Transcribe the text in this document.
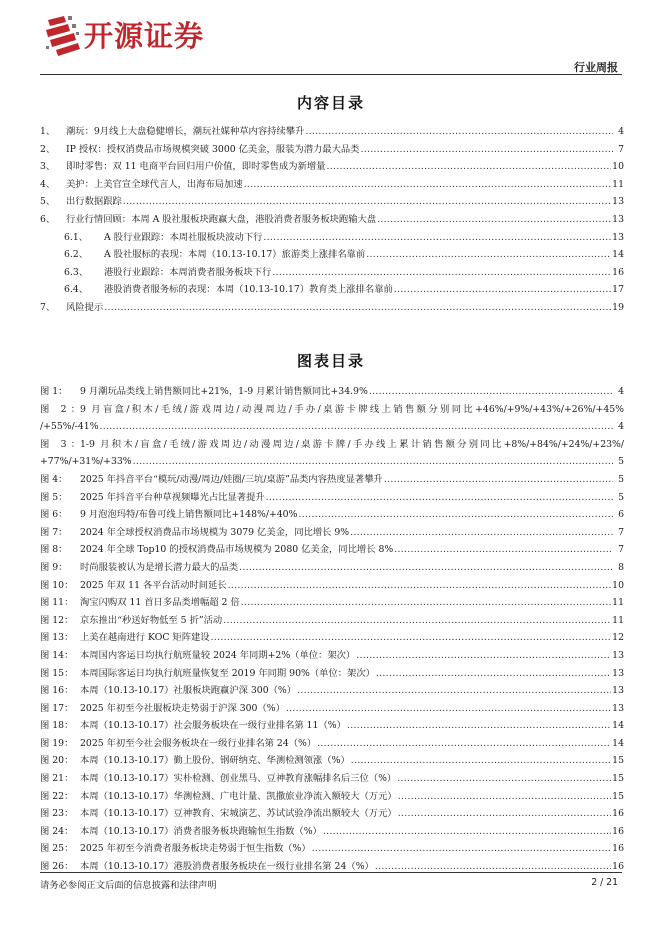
开源证券
行业周报
内容目录
1、	潮玩：9月线上大盘稳健增长，潮玩社媒种草内容持续攀升 .....	4
2、	IP 授权：授权消费品市场规模突破 3000 亿美金，服装为潜力最大品类 .....	7
3、	即时零售：双 11 电商平台回归用户价值，即时零售成为新增量 .....	10
4、	美护：上美官宣全球代言人，出海布局加速 .....	11
5、	出行数据跟踪 .....	13
6、	行业行情回顾：本周 A 股社服板块跑赢大盘，港股消费者服务板块跑输大盘 .....	13
6.1、	A 股行业跟踪：本周社服板块波动下行 .....	13
6.2、	A 股社服标的表现：本周（10.13-10.17）旅游类上涨排名靠前 .....	14
6.3、	港股行业跟踪：本周消费者服务板块下行 .....	16
6.4、	港股消费者服务标的表现：本周（10.13-10.17）教育类上涨排名靠前 .....	17
7、	风险提示 .....	19
图表目录
图 1：	9 月潮玩品类线上销售额同比+21%，1-9 月累计销售额同比+34.9% .....	4
图 2：9 月盲盒/积木/毛绒/游戏周边/动漫周边/手办/桌游卡牌线上销售额分别同比+46%/+9%/+43%/+26%/+45%
/+55%/-41% .....	4
图 3：1-9 月积木/盲盒/毛绒/游戏周边/动漫周边/桌游卡牌/手办线上累计销售额分别同比+8%/+84%/+24%/+23%/
+77%/+31%/+33% .....	5
图 4：	2025 年抖音平台“模玩/动漫/周边/娃圈/三坑/桌游”品类内容热度显著攀升 .....	5
图 5：	2025 年抖音平台种草视频曝光占比显著提升 .....	5
图 6：	9 月泡泡玛特/布鲁可线上销售额同比+148%/+40% .....	6
图 7：	2024 年全球授权消费品市场规模为 3079 亿美金，同比增长 9% .....	7
图 8：	2024 年全球 Top10 的授权消费品市场规模为 2080 亿美金，同比增长 8% .....	7
图 9：	时尚服装被认为是增长潜力最大的品类 .....	8
图 10： 2025 年双 11 各平台活动时间延长 .....	10
图 11： 淘宝闪购双 11 首日多品类增幅超 2 倍 .....	11
图 12： 京东推出“秒送好物低至 5 折”活动 .....	11
图 13： 上美在越南进行 KOC 矩阵建设 .....	12
图 14： 本周国内客运日均执行航班量较 2024 年同期+2%（单位：架次） .....	13
图 15： 本周国际客运日均执行航班量恢复至 2019 年同期 90%（单位：架次） .....	13
图 16： 本周（10.13-10.17）社服板块跑赢沪深 300（%） .....	13
图 17： 2025 年初至今社服板块走势弱于沪深 300（%） .....	13
图 18： 本周（10.13-10.17）社会服务板块在一级行业排名第 11（%） .....	14
图 19： 2025 年初至今社会服务板块在一级行业排名第 24（%） .....	14
图 20： 本周（10.13-10.17）勤上股份、钢研纳克、华测检测领涨（%） .....	15
图 21： 本周（10.13-10.17）实朴检测、创业黑马、豆神教育涨幅排名后三位（%） .....	15
图 22： 本周（10.13-10.17）华测检测、广电计量、凯撒旅业净流入额较大（万元） .....	15
图 23： 本周（10.13-10.17）豆神教育、宋城演艺、苏试试验净流出额较大（万元） .....	16
图 24： 本周（10.13-10.17）消费者服务板块跑输恒生指数（%） .....	16
图 25： 2025 年初至今消费者服务板块走势弱于恒生指数（%） .....	16
图 26： 本周（10.13-10.17）港股消费者服务板块在一级行业排名第 24（%） .....	16
请务必参阅正文后面的信息披露和法律声明	2 / 21
